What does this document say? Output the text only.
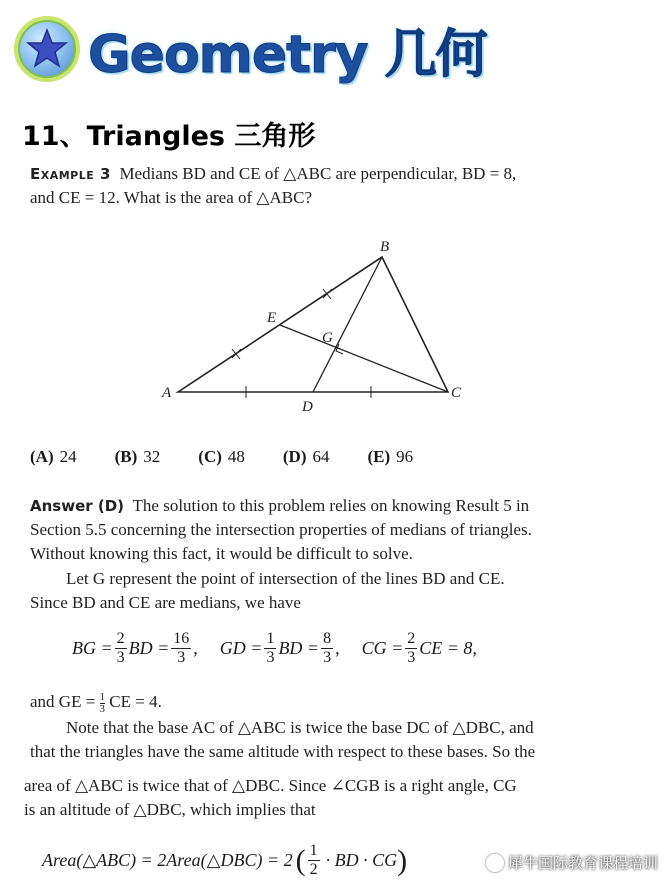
Geometry 几何
11、Triangles 三角形
Example 3 Medians BD and CE of △ABC are perpendicular, BD = 8,
and CE = 12. What is the area of △ABC?
A
B
C
D
E
G
(A) 24 (B) 32 (C) 48 (D) 64 (E) 96
Answer (D) The solution to this problem relies on knowing Result 5 in
Section 5.5 concerning the intersection properties of medians of triangles.
Without knowing this fact, it would be difficult to solve.
Let G represent the point of intersection of the lines BD and CE.
Since BD and CE are medians, we have
BG = $\frac{2}{3}$ BD = $\frac{16}{3}$ , GD = $\frac{1}{3}$ BD = $\frac{8}{3}$ , CG = $\frac{2}{3}$ CE = 8,
and GE = $\frac{1}{3}$ CE = 4.
Note that the base AC of △ABC is twice the base DC of △DBC, and
that the triangles have the same altitude with respect to these bases. So the
area of △ABC is twice that of △DBC. Since ∠CGB is a right angle, CG
is an altitude of △DBC, which implies that
Area(△ABC) = 2Area(△DBC) = 2 ( $\frac{1}{2}$ · BD · CG )	犀牛国际教育课程培训
